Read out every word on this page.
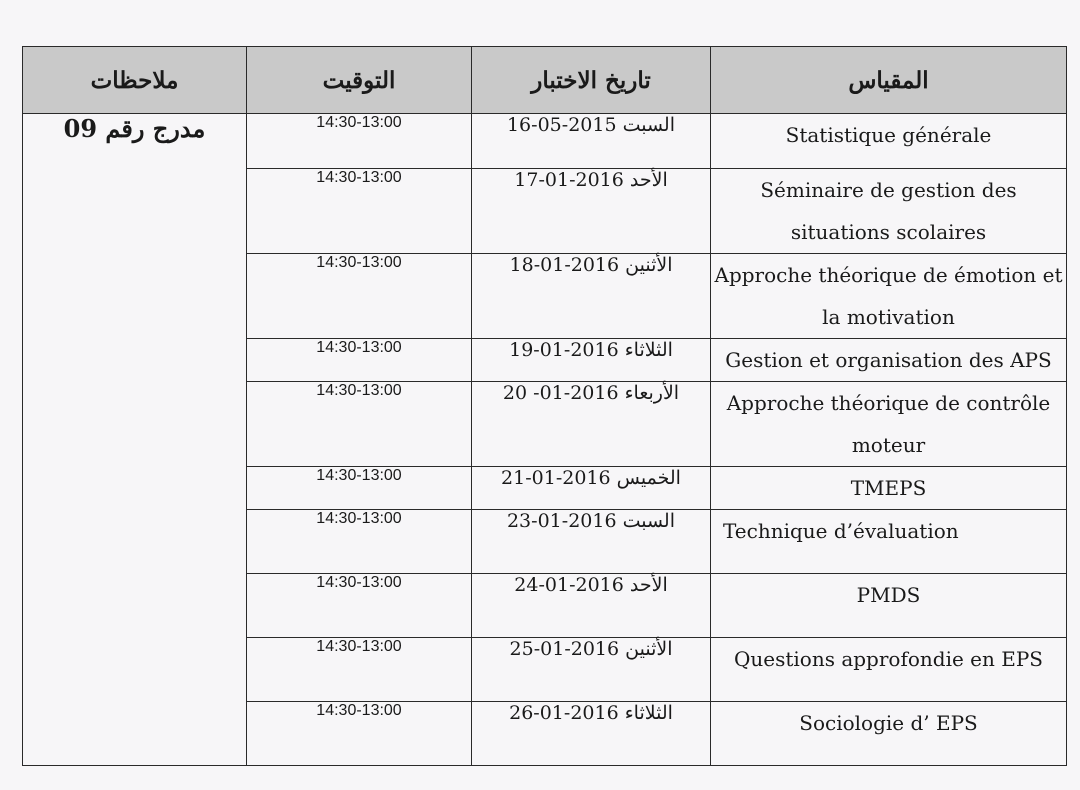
ملاحظات	التوقيت	تاريخ الاختبار	المقياس
مدرج رقم 09	14:30-13:00	السبت 2015-05-16	Statistique générale
	14:30-13:00	الأحد 2016-01-17	Séminaire de gestion des situations scolaires
	14:30-13:00	الأثنين 2016-01-18	Approche théorique de émotion et la motivation
	14:30-13:00	الثلاثاء 2016-01-19	Gestion et organisation des APS
	14:30-13:00	الأربعاء 2016-01- 20	Approche théorique de contrôle moteur
	14:30-13:00	الخميس 2016-01-21	TMEPS
	14:30-13:00	السبت 2016-01-23	Technique d’évaluation
	14:30-13:00	الأحد 2016-01-24	PMDS
	14:30-13:00	الأثنين 2016-01-25	Questions approfondie en EPS
	14:30-13:00	الثلاثاء 2016-01-26	Sociologie d’ EPS
